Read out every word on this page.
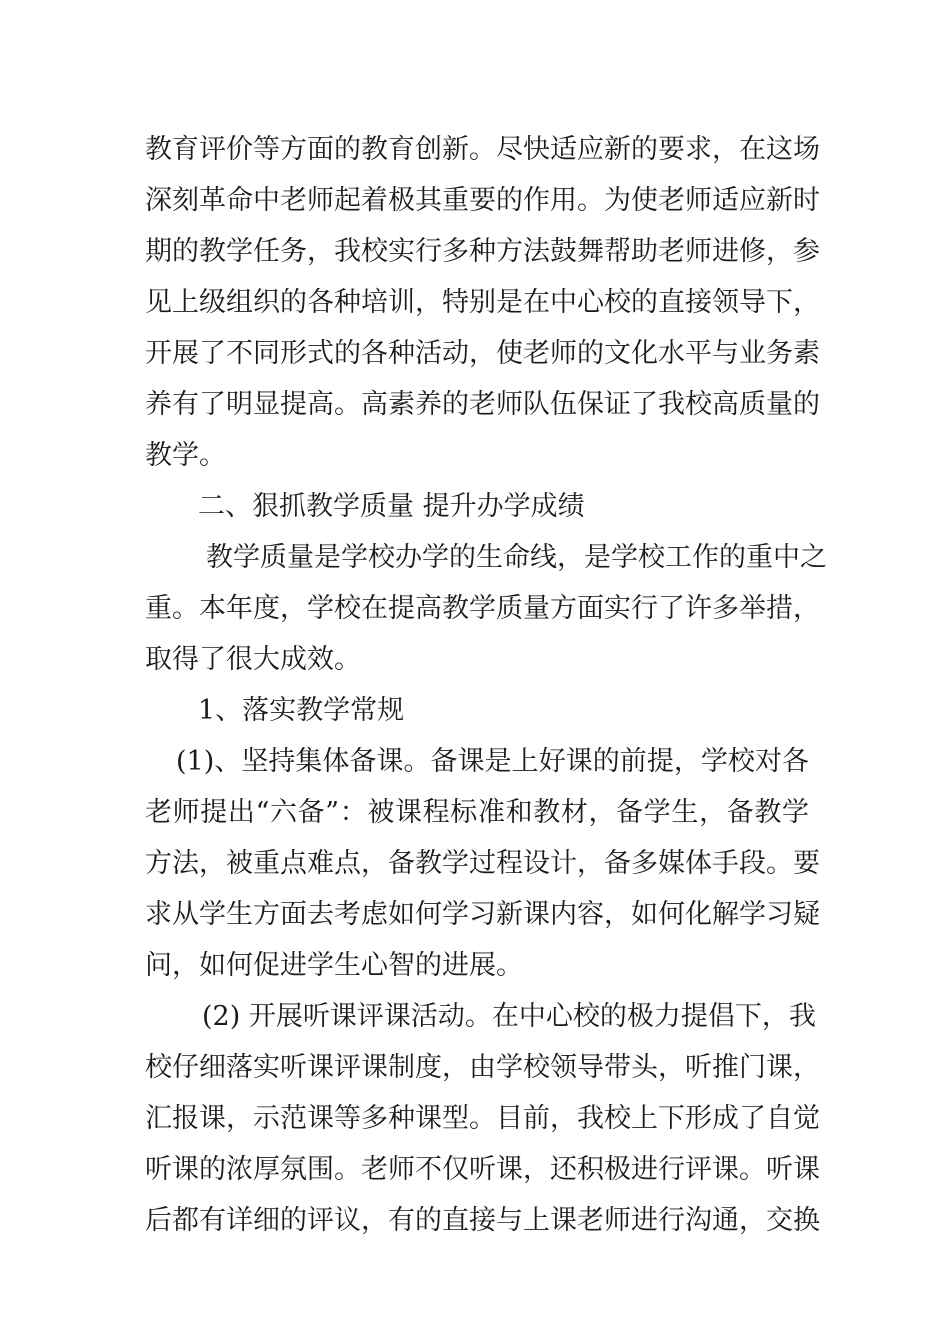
教育评价等方面的教育创新。尽快适应新的要求，在这场
深刻革命中老师起着极其重要的作用。为使老师适应新时
期的教学任务，我校实行多种方法鼓舞帮助老师进修，参
见上级组织的各种培训，特别是在中心校的直接领导下，
开展了不同形式的各种活动，使老师的文化水平与业务素
养有了明显提高。高素养的老师队伍保证了我校高质量的
教学。
二、狠抓教学质量 提升办学成绩
教学质量是学校办学的生命线，是学校工作的重中之
重。本年度，学校在提高教学质量方面实行了许多举措，
取得了很大成效。
1、落实教学常规
(1)、坚持集体备课。备课是上好课的前提，学校对各
老师提出“六备”：被课程标准和教材，备学生，备教学
方法，被重点难点，备教学过程设计，备多媒体手段。要
求从学生方面去考虑如何学习新课内容，如何化解学习疑
问，如何促进学生心智的进展。
(2) 开展听课评课活动。在中心校的极力提倡下，我
校仔细落实听课评课制度，由学校领导带头，听推门课，
汇报课，示范课等多种课型。目前，我校上下形成了自觉
听课的浓厚氛围。老师不仅听课，还积极进行评课。听课
后都有详细的评议，有的直接与上课老师进行沟通，交换
